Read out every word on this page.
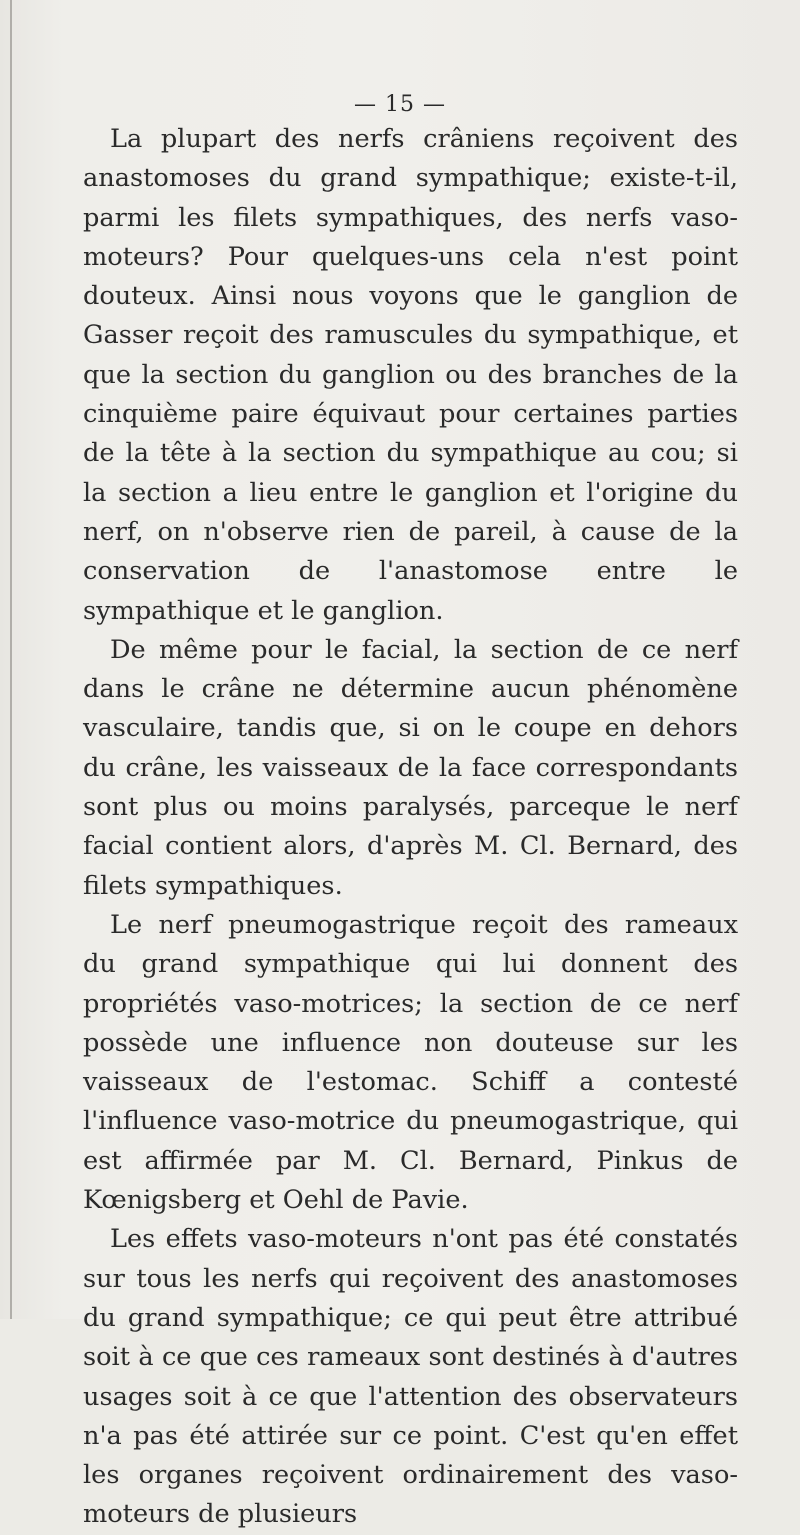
— 15 —

La plupart des nerfs crâniens reçoivent des anastomoses du grand sympathique; existe-t-il, parmi les filets sympathiques, des nerfs vaso-moteurs? Pour quelques-uns cela n'est point douteux. Ainsi nous voyons que le ganglion de Gasser reçoit des ramuscules du sympathique, et que la section du ganglion ou des branches de la cinquième paire équivaut pour certaines parties de la tête à la section du sympathique au cou; si la section a lieu entre le ganglion et l'origine du nerf, on n'observe rien de pareil, à cause de la conservation de l'anastomose entre le sympathique et le ganglion.

De même pour le facial, la section de ce nerf dans le crâne ne détermine aucun phénomène vasculaire, tandis que, si on le coupe en dehors du crâne, les vaisseaux de la face correspondants sont plus ou moins paralysés, parceque le nerf facial contient alors, d'après M. Cl. Bernard, des filets sympathiques.

Le nerf pneumogastrique reçoit des rameaux du grand sympathique qui lui donnent des propriétés vaso-motrices; la section de ce nerf possède une influence non douteuse sur les vaisseaux de l'estomac. Schiff a contesté l'influence vaso-motrice du pneumogastrique, qui est affirmée par M. Cl. Bernard, Pinkus de Kœnigsberg et Oehl de Pavie.

Les effets vaso-moteurs n'ont pas été constatés sur tous les nerfs qui reçoivent des anastomoses du grand sympathique; ce qui peut être attribué soit à ce que ces rameaux sont destinés à d'autres usages soit à ce que l'attention des observateurs n'a pas été attirée sur ce point. C'est qu'en effet les organes reçoivent ordinairement des vaso-moteurs de plusieurs
